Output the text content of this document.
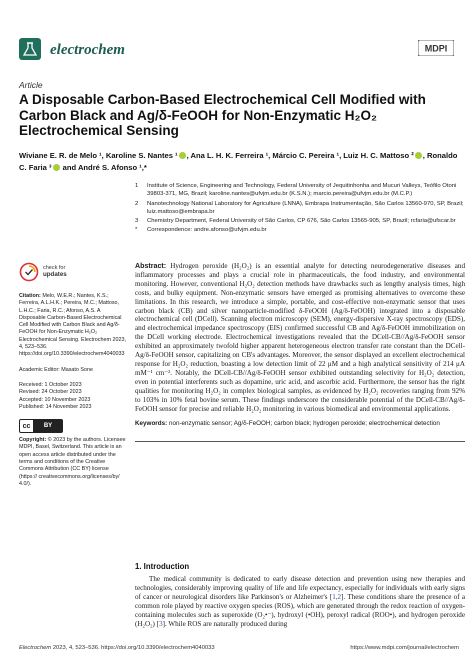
electrochem	MDPI
Article
A Disposable Carbon-Based Electrochemical Cell Modified with Carbon Black and Ag/δ-FeOOH for Non-Enzymatic H₂O₂ Electrochemical Sensing
Wiviane E. R. de Melo ¹, Karoline S. Nantes ¹ , Ana L. H. K. Ferreira ¹, Márcio C. Pereira ¹, Luiz H. C. Mattoso ² , Ronaldo C. Faria ³ and André S. Afonso ¹,*
1	Institute of Science, Engineering and Technology, Federal University of Jequitinhonha and Mucuri Valleys, Teófilo Otoni 39803-371, MG, Brazil; karoline.nantes@ufvjm.edu.br (K.S.N.); marcio.pereira@ufvjm.edu.br (M.C.P.)
2	Nanotechnology National Laboratory for Agriculture (LNNA), Embrapa Instrumentação, São Carlos 13560-970, SP, Brazil; luiz.mattoso@embrapa.br
3	Chemistry Department, Federal University of São Carlos, CP 676, São Carlos 13565-905, SP, Brazil; rcfaria@ufscar.br
*	Correspondence: andre.afonso@ufvjm.edu.br
check for
updates
Citation: Melo, W.E.R.; Nantes, K.S.; Ferreira, A.L.H.K.; Pereira, M.C.; Mattoso, L.H.C.; Faria, R.C.; Afonso, A.S. A Disposable Carbon-Based Electrochemical Cell Modified with Carbon Black and Ag/δ-FeOOH for Non-Enzymatic H₂O₂ Electrochemical Sensing. Electrochem 2023, 4, 523–536. https://doi.org/10.3390/electrochem4040033
Academic Editor: Masato Sone
Received: 1 October 2023
Revised: 24 October 2023
Accepted: 10 November 2023
Published: 14 November 2023
cc	BY
Copyright: © 2023 by the authors. Licensee MDPI, Basel, Switzerland. This article is an open access article distributed under the terms and conditions of the Creative Commons Attribution (CC BY) license (https:// creativecommons.org/licenses/by/ 4.0/).
Abstract: Hydrogen peroxide (H₂O₂) is an essential analyte for detecting neurodegenerative diseases and inflammatory processes and plays a crucial role in pharmaceuticals, the food industry, and environmental monitoring. However, conventional H₂O₂ detection methods have drawbacks such as lengthy analysis times, high costs, and bulky equipment. Non-enzymatic sensors have emerged as promising alternatives to overcome these limitations. In this research, we introduce a simple, portable, and cost-effective non-enzymatic sensor that uses carbon black (CB) and silver nanoparticle-modified δ-FeOOH (Ag/δ-FeOOH) integrated into a disposable electrochemical cell (DCell). Scanning electron microscopy (SEM), energy-dispersive X-ray spectroscopy (EDS), and electrochemical impedance spectroscopy (EIS) confirmed successful CB and Ag/δ-FeOOH immobilization on the DCell working electrode. Electrochemical investigations revealed that the DCell-CB//Ag/δ-FeOOH sensor exhibited an approximately twofold higher apparent heterogeneous electron transfer rate constant than the DCell-Ag/δ-FeOOH sensor, capitalizing on CB's advantages. Moreover, the sensor displayed an excellent electrochemical response for H₂O₂ reduction, boasting a low detection limit of 22 μM and a high analytical sensitivity of 214 μA mM⁻¹ cm⁻². Notably, the DCell-CB//Ag/δ-FeOOH sensor exhibited outstanding selectivity for H₂O₂ detection, even in potential interferents such as dopamine, uric acid, and ascorbic acid. Furthermore, the sensor has the right qualities for monitoring H₂O₂ in complex biological samples, as evidenced by H₂O₂ recoveries ranging from 92% to 103% in 10% fetal bovine serum. These findings underscore the considerable potential of the DCell-CB//Ag/δ-FeOOH sensor for precise and reliable H₂O₂ monitoring in various biomedical and environmental applications.
Keywords: non-enzymatic sensor; Ag/δ-FeOOH; carbon black; hydrogen peroxide; electrochemical detection
1. Introduction
The medical community is dedicated to early disease detection and prevention using new therapies and technologies, considerably improving quality of life and life expectancy, especially for individuals with early signs of cancer or neurological disorders like Parkinson's or Alzheimer's [1,2]. These conditions share the presence of a common role played by reactive oxygen species (ROS), which are generated through the redox reaction of oxygen-containing molecules such as superoxide (O₂•⁻), hydroxyl (•OH), peroxyl radical (ROO•), and hydrogen peroxide (H₂O₂) [3]. While ROS are naturally produced during
Electrochem 2023, 4, 523–536. https://doi.org/10.3390/electrochem4040033	https://www.mdpi.com/journal/electrochem
